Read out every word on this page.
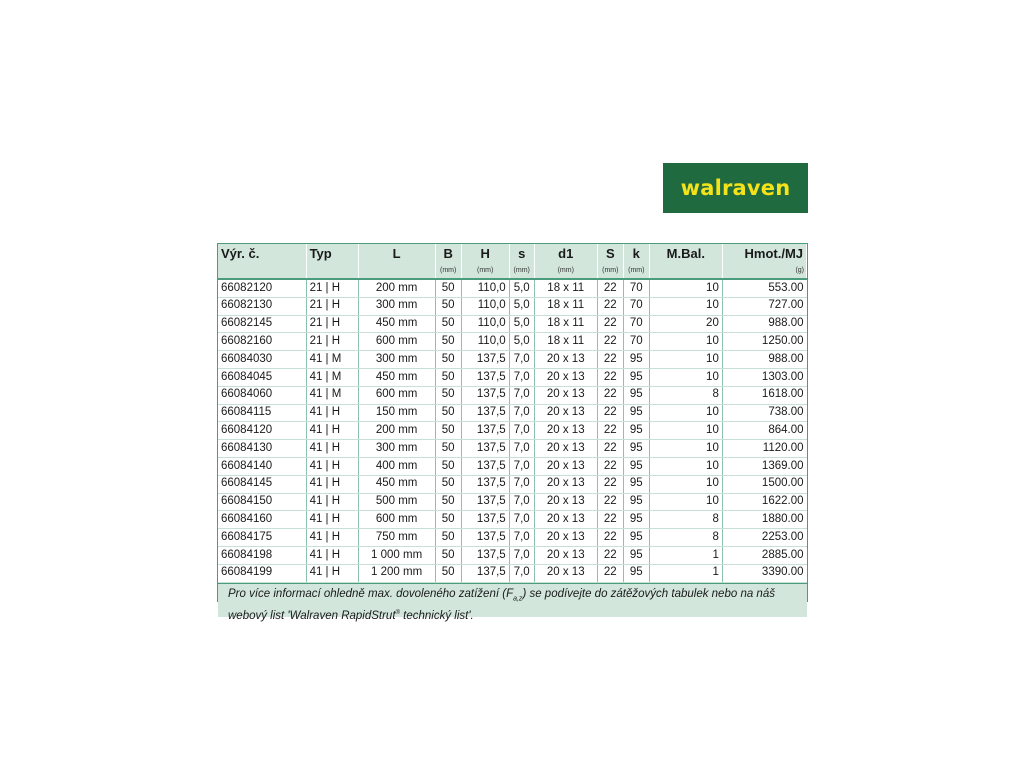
walraven
Výr. č.	Typ	L	B	H	s	d1	S	k	M.Bal.	Hmot./MJ
			(mm)	(mm)	(mm)	(mm)	(mm)	(mm)		(g)
66082120	21 | H	200 mm	50	110,0	5,0	18 x 11	22	70	10	553.00
66082130	21 | H	300 mm	50	110,0	5,0	18 x 11	22	70	10	727.00
66082145	21 | H	450 mm	50	110,0	5,0	18 x 11	22	70	20	988.00
66082160	21 | H	600 mm	50	110,0	5,0	18 x 11	22	70	10	1250.00
66084030	41 | M	300 mm	50	137,5	7,0	20 x 13	22	95	10	988.00
66084045	41 | M	450 mm	50	137,5	7,0	20 x 13	22	95	10	1303.00
66084060	41 | M	600 mm	50	137,5	7,0	20 x 13	22	95	8	1618.00
66084115	41 | H	150 mm	50	137,5	7,0	20 x 13	22	95	10	738.00
66084120	41 | H	200 mm	50	137,5	7,0	20 x 13	22	95	10	864.00
66084130	41 | H	300 mm	50	137,5	7,0	20 x 13	22	95	10	1120.00
66084140	41 | H	400 mm	50	137,5	7,0	20 x 13	22	95	10	1369.00
66084145	41 | H	450 mm	50	137,5	7,0	20 x 13	22	95	10	1500.00
66084150	41 | H	500 mm	50	137,5	7,0	20 x 13	22	95	10	1622.00
66084160	41 | H	600 mm	50	137,5	7,0	20 x 13	22	95	8	1880.00
66084175	41 | H	750 mm	50	137,5	7,0	20 x 13	22	95	8	2253.00
66084198	41 | H	1 000 mm	50	137,5	7,0	20 x 13	22	95	1	2885.00
66084199	41 | H	1 200 mm	50	137,5	7,0	20 x 13	22	95	1	3390.00
Pro více informací ohledně max. dovoleného zatížení $(F_{a,z})$ se podívejte do zátěžových tabulek nebo na náš webový list 'Walraven RapidStrut® technický list'.
